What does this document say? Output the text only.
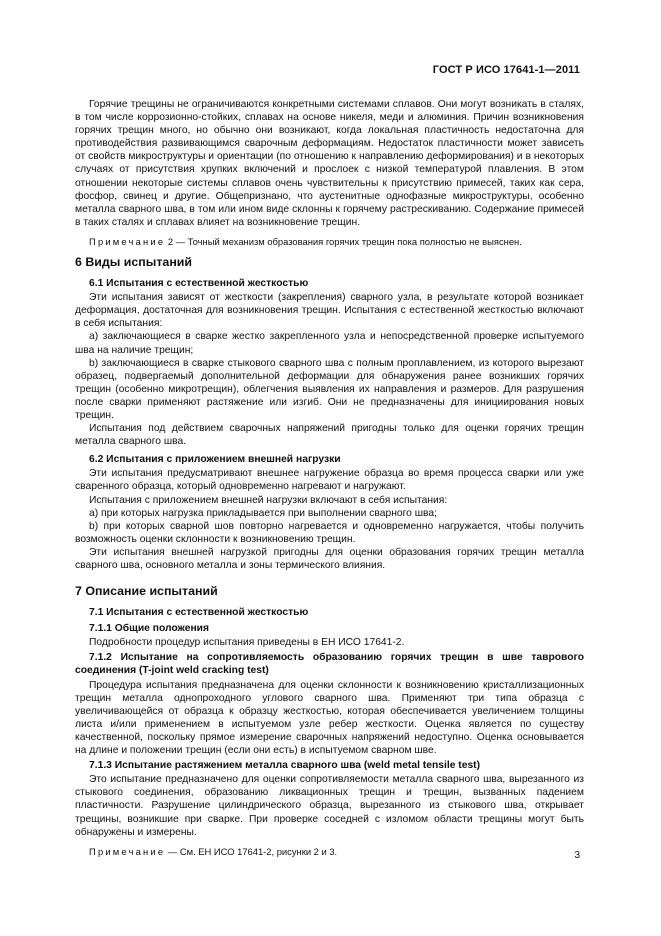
ГОСТ Р ИСО 17641-1—2011

Горячие трещины не ограничиваются конкретными системами сплавов. Они могут возникать в сталях, в том числе коррозионно-стойких, сплавах на основе никеля, меди и алюминия. Причин возникновения горячих трещин много, но обычно они возникают, когда локальная пластичность недостаточна для противодействия развивающимся сварочным деформациям. Недостаток пластичности может зависеть от свойств микроструктуры и ориентации (по отношению к направлению деформирования) и в некоторых случаях от присутствия хрупких включений и прослоек с низкой температурой плавления. В этом отношении некоторые системы сплавов очень чувствительны к присутствию примесей, таких как сера, фосфор, свинец и другие. Общепризнано, что аустенитные однофазные микроструктуры, особенно металла сварного шва, в том или ином виде склонны к горячему растрескиванию. Содержание примесей в таких сталях и сплавах влияет на возникновение трещин.

Примечание 2 — Точный механизм образования горячих трещин пока полностью не выяснен.

6 Виды испытаний

6.1 Испытания с естественной жесткостью

Эти испытания зависят от жесткости (закрепления) сварного узла, в результате которой возникает деформация, достаточная для возникновения трещин. Испытания с естественной жесткостью включают в себя испытания:

a) заключающиеся в сварке жестко закрепленного узла и непосредственной проверке испытуемого шва на наличие трещин;

b) заключающиеся в сварке стыкового сварного шва с полным проплавлением, из которого вырезают образец, подвергаемый дополнительной деформации для обнаружения ранее возникших горячих трещин (особенно микротрещин), облегчения выявления их направления и размеров. Для разрушения после сварки применяют растяжение или изгиб. Они не предназначены для инициирования новых трещин.

Испытания под действием сварочных напряжений пригодны только для оценки горячих трещин металла сварного шва.

6.2 Испытания с приложением внешней нагрузки

Эти испытания предусматривают внешнее нагружение образца во время процесса сварки или уже сваренного образца, который одновременно нагревают и нагружают.

Испытания с приложением внешней нагрузки включают в себя испытания:

a) при которых нагрузка прикладывается при выполнении сварного шва;

b) при которых сварной шов повторно нагревается и одновременно нагружается, чтобы получить возможность оценки склонности к возникновению трещин.

Эти испытания внешней нагрузкой пригодны для оценки образования горячих трещин металла сварного шва, основного металла и зоны термического влияния.

7 Описание испытаний

7.1 Испытания с естественной жесткостью

7.1.1 Общие положения

Подробности процедур испытания приведены в ЕН ИСО 17641-2.

7.1.2 Испытание на сопротивляемость образованию горячих трещин в шве таврового соединения (T-joint weld cracking test)

Процедура испытания предназначена для оценки склонности к возникновению кристаллизационных трещин металла однопроходного углового сварного шва. Применяют три типа образца с увеличивающейся от образца к образцу жесткостью, которая обеспечивается увеличением толщины листа и/или применением в испытуемом узле ребер жесткости. Оценка является по существу качественной, поскольку прямое измерение сварочных напряжений недоступно. Оценка основывается на длине и положении трещин (если они есть) в испытуемом сварном шве.

7.1.3 Испытание растяжением металла сварного шва (weld metal tensile test)

Это испытание предназначено для оценки сопротивляемости металла сварного шва, вырезанного из стыкового соединения, образованию ликвационных трещин и трещин, вызванных падением пластичности. Разрушение цилиндрического образца, вырезанного из стыкового шва, открывает трещины, возникшие при сварке. При проверке соседней с изломом области трещины могут быть обнаружены и измерены.

Примечание — См. ЕН ИСО 17641-2, рисунки 2 и 3.	3
